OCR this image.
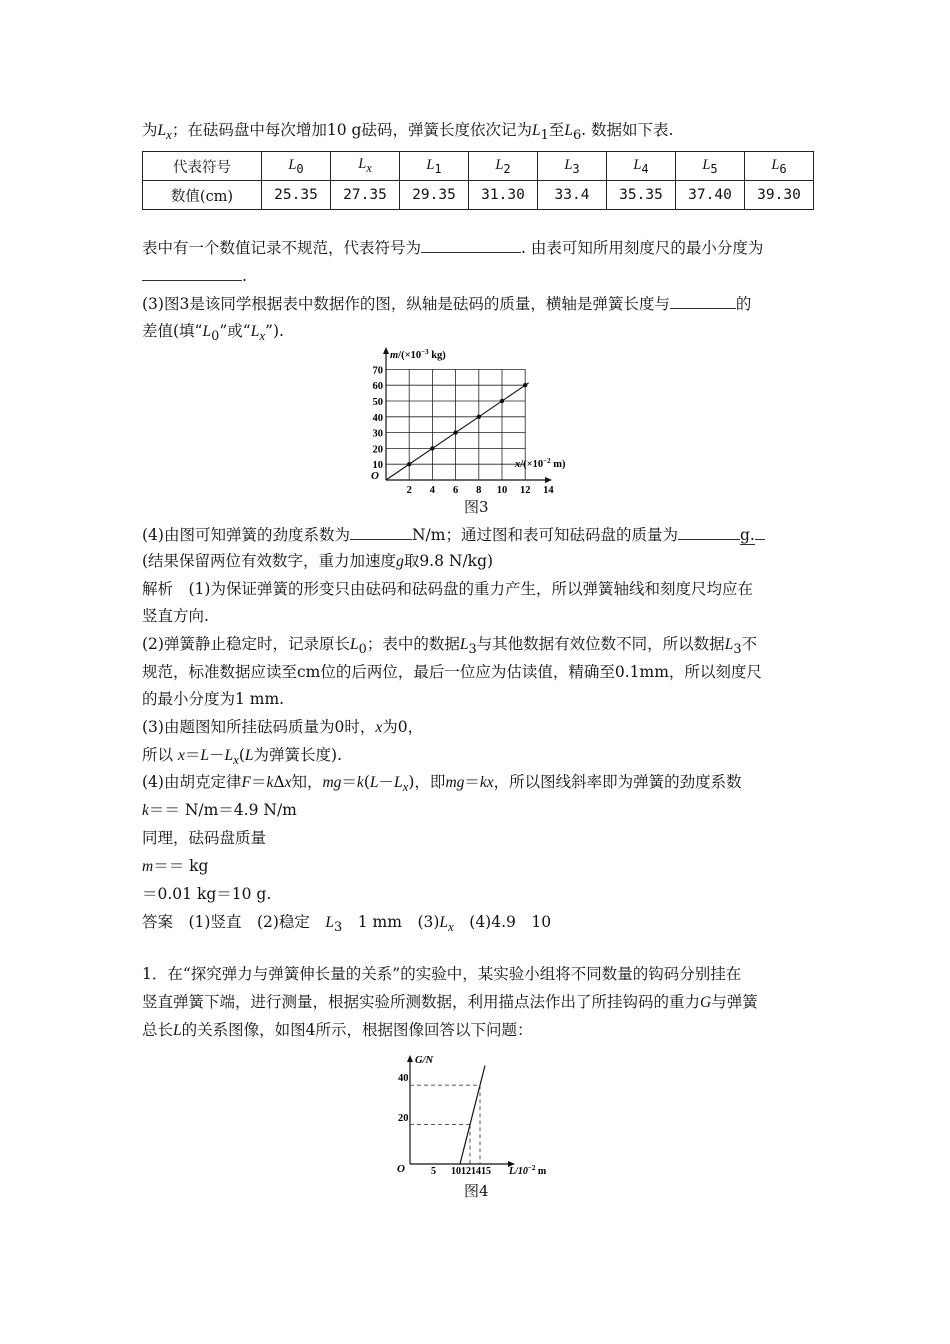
为$L_x$；在砝码盘中每次增加10 g砝码，弹簧长度依次记为$L_1$至$L_6$. 数据如下表.
代表符号	$L_0$	$L_x$	$L_1$	$L_2$	$L_3$	$L_4$	$L_5$	$L_6$
数值(cm)	25.35	27.35	29.35	31.30	33.4	35.35	37.40	39.30
表中有一个数值记录不规范，代表符号为	. 由表可知所用刻度尺的最小分度为
.
(3)图3是该同学根据表中数据作的图，纵轴是砝码的质量，横轴是弹簧长度与	的
差值(填“$L_0$”或“$L_x$”).
10
20
30
40
50
60
70
2 4 6 8 10 12 14
O
$m/(\times 10^{-3}$ kg)
$x/(\times 10^{-2}$ m)
图3
(4)由图可知弹簧的劲度系数为	N/m；通过图和表可知砝码盘的质量为	g.
(结果保留两位有效数字，重力加速度g取9.8 N/kg)
解析　(1)为保证弹簧的形变只由砝码和砝码盘的重力产生，所以弹簧轴线和刻度尺均应在
竖直方向.
(2)弹簧静止稳定时，记录原长$L_0$；表中的数据$L_3$与其他数据有效位数不同，所以数据$L_3$不
规范，标准数据应读至cm位的后两位，最后一位应为估读值，精确至0.1mm，所以刻度尺
的最小分度为1 mm.
(3)由题图知所挂砝码质量为0时，x为0，
所以 $x=L-L_x(L$为弹簧长度).
(4)由胡克定律F＝kΔx知，$mg=k(L-L_x)$，即mg＝kx，所以图线斜率即为弹簧的劲度系数
k＝＝ N/m＝4.9 N/m
同理，砝码盘质量
m＝＝ kg
＝0.01 kg＝10 g.
答案　(1)竖直　(2)稳定　$L_3$　1 mm　$(3)L_x$　(4)4.9　10
1．在“探究弹力与弹簧伸长量的关系”的实验中，某实验小组将不同数量的钩码分别挂在
竖直弹簧下端，进行测量，根据实验所测数据，利用描点法作出了所挂钩码的重力G与弹簧
总长L的关系图像，如图4所示，根据图像回答以下问题：
40
20
G/N
O	5 10121415 $L/10^{-2}$ m
图4
